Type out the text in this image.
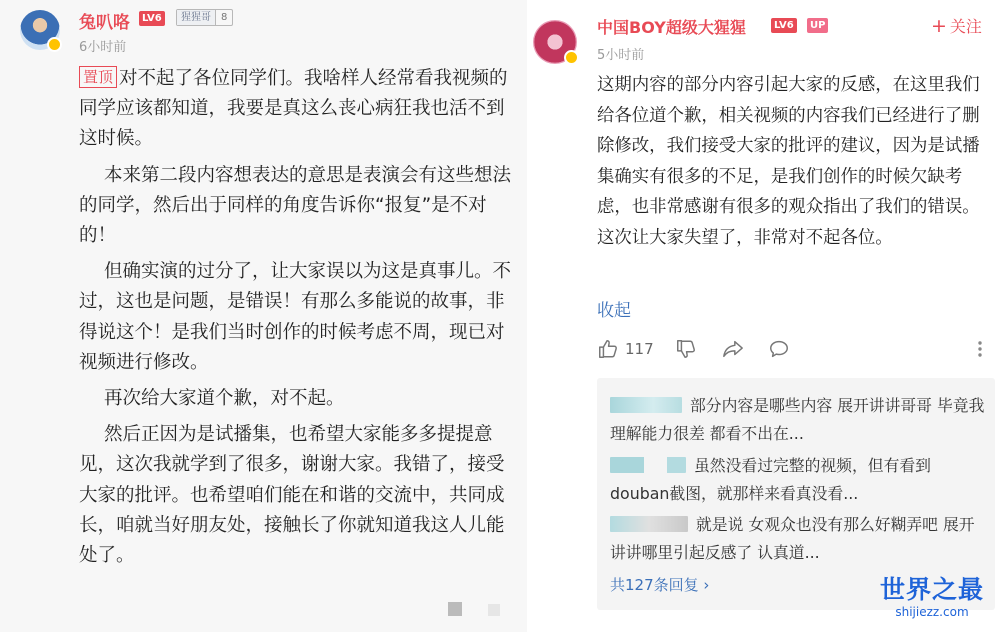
兔叭咯	LV6	猩猩哥	8
6小时前

置顶 对不起了各位同学们。我啥样人经常看我视频的同学应该都知道，我要是真这么丧心病狂我也活不到这时候。

本来第二段内容想表达的意思是表演会有这些想法的同学，然后出于同样的角度告诉你“报复”是不对的！

但确实演的过分了，让大家误以为这是真事儿。不过，这也是问题，是错误！有那么多能说的故事，非得说这个！是我们当时创作的时候考虑不周，现已对视频进行修改。

再次给大家道个歉，对不起。

然后正因为是试播集，也希望大家能多多提提意见，这次我就学到了很多，谢谢大家。我错了，接受大家的批评。也希望咱们能在和谐的交流中，共同成长，咱就当好朋友处，接触长了你就知道我这人儿能处了。

中国BOY超级大猩猩	LV6	UP	+ 关注
5小时前
这期内容的部分内容引起大家的反感，在这里我们给各位道个歉，相关视频的内容我们已经进行了删除修改，我们接受大家的批评的建议，因为是试播集确实有很多的不足，是我们创作的时候欠缺考虑，也非常感谢有很多的观众指出了我们的错误。这次让大家失望了，非常对不起各位。
收起
117
部分内容是哪些内容 展开讲讲哥哥 毕竟我理解能力很差 都看不出在...
虽然没看过完整的视频，但有看到douban截图，就那样来看真没看...
就是说 女观众也没有那么好糊弄吧 展开讲讲哪里引起反感了 认真道...
共127条回复 ›	世界之最
shijiezz.com
